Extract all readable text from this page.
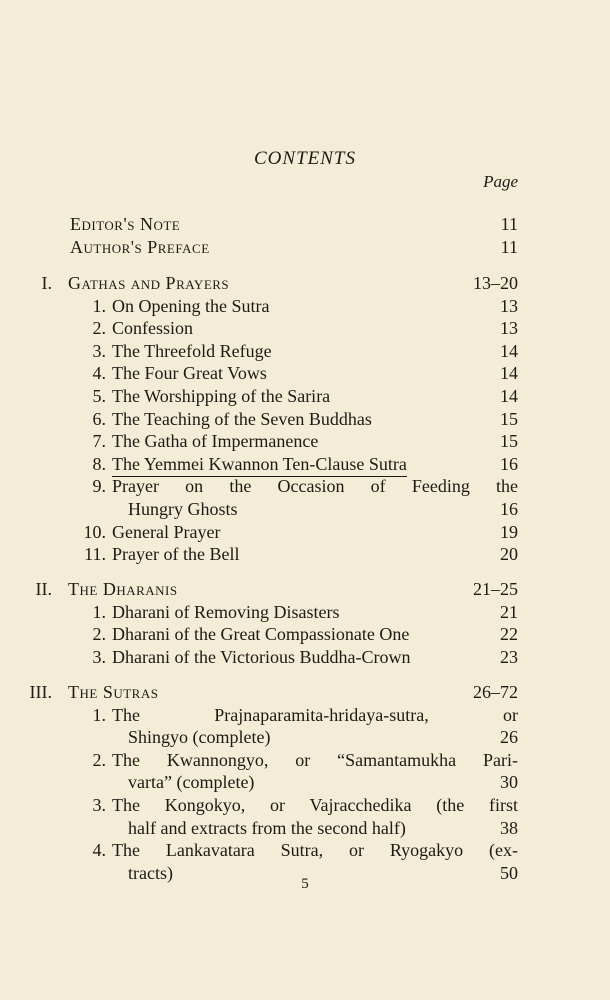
CONTENTS
Page
Editor's Note	11
Author's Preface	11
I. Gathas and Prayers	13–20
1. On Opening the Sutra	13
2. Confession	13
3. The Threefold Refuge	14
4. The Four Great Vows	14
5. The Worshipping of the Sarira	14
6. The Teaching of the Seven Buddhas	15
7. The Gatha of Impermanence	15
8. The Yemmei Kwannon Ten-Clause Sutra	16
9. Prayer on the Occasion of Feeding the
Hungry Ghosts	16
10. General Prayer	19
11. Prayer of the Bell	20
II. The Dharanis	21–25
1. Dharani of Removing Disasters	21
2. Dharani of the Great Compassionate One	22
3. Dharani of the Victorious Buddha-Crown	23
III. The Sutras	26–72
1. The Prajnaparamita-hridaya-sutra, or
Shingyo (complete)	26
2. The Kwannongyo, or “Samantamukha Pari-
varta” (complete)	30
3. The Kongokyo, or Vajracchedika (the first
half and extracts from the second half)	38
4. The Lankavatara Sutra, or Ryogakyo (ex-
tracts)	50
5
